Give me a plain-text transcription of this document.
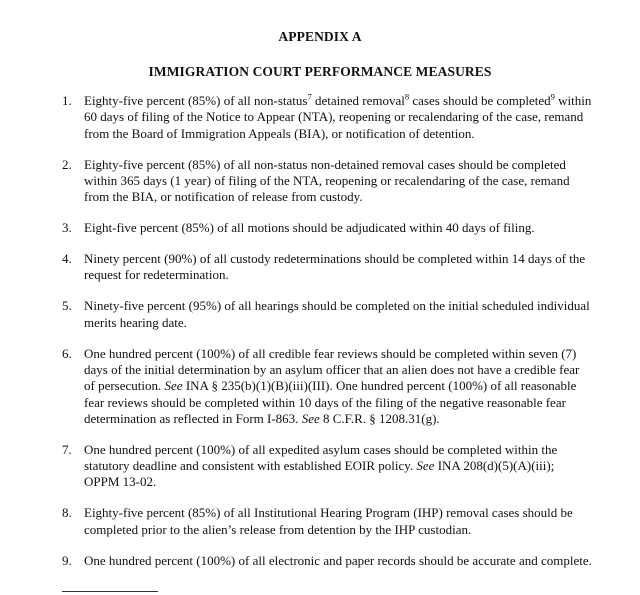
APPENDIX A
IMMIGRATION COURT PERFORMANCE MEASURES
1. Eighty-five percent (85%) of all non-status$^7$ detained removal$^8$ cases should be completed$^9$ within 60 days of filing of the Notice to Appear (NTA), reopening or recalendaring of the case, remand from the Board of Immigration Appeals (BIA), or notification of detention.
2. Eighty-five percent (85%) of all non-status non-detained removal cases should be completed within 365 days (1 year) of filing of the NTA, reopening or recalendaring of the case, remand from the BIA, or notification of release from custody.
3. Eight-five percent (85%) of all motions should be adjudicated within 40 days of filing.
4. Ninety percent (90%) of all custody redeterminations should be completed within 14 days of the request for redetermination.
5. Ninety-five percent (95%) of all hearings should be completed on the initial scheduled individual merits hearing date.
6. One hundred percent (100%) of all credible fear reviews should be completed within seven (7) days of the initial determination by an asylum officer that an alien does not have a credible fear of persecution. See INA § 235(b)(1)(B)(iii)(III). One hundred percent (100%) of all reasonable fear reviews should be completed within 10 days of the filing of the negative reasonable fear determination as reflected in Form I-863. See 8 C.F.R. § 1208.31(g).
7. One hundred percent (100%) of all expedited asylum cases should be completed within the statutory deadline and consistent with established EOIR policy. See INA 208(d)(5)(A)(iii); OPPM 13-02.
8. Eighty-five percent (85%) of all Institutional Hearing Program (IHP) removal cases should be completed prior to the alien’s release from detention by the IHP custodian.
9. One hundred percent (100%) of all electronic and paper records should be accurate and complete.
